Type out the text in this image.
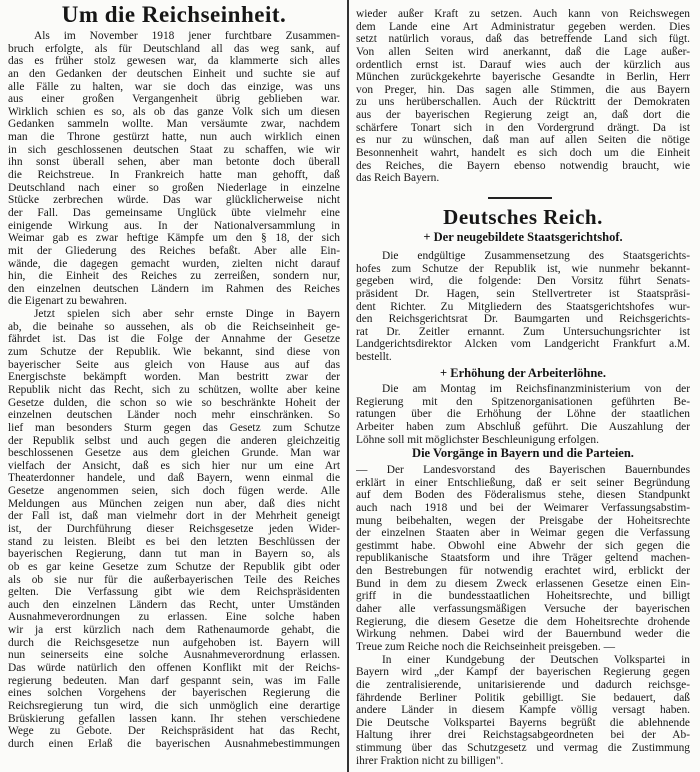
Um die Reichseinheit.
Als im November 1918 jener furchtbare Zusammen-
bruch erfolgte, als für Deutschland all das weg sank, auf
das es früher stolz gewesen war, da klammerte sich alles
an den Gedanken der deutschen Einheit und suchte sie auf
alle Fälle zu halten, war sie doch das einzige, was uns
aus einer großen Vergangenheit übrig geblieben war.
Wirklich schien es so, als ob das ganze Volk sich um diesen
Gedanken sammeln wollte. Man versäumte zwar, nachdem
man die Throne gestürzt hatte, nun auch wirklich einen
in sich geschlossenen deutschen Staat zu schaffen, wie wir
ihn sonst überall sehen, aber man betonte doch überall
die Reichstreue. In Frankreich hatte man gehofft, daß
Deutschland nach einer so großen Niederlage in einzelne
Stücke zerbrechen würde. Das war glücklicherweise nicht
der Fall. Das gemeinsame Unglück übte vielmehr eine
einigende Wirkung aus. In der Nationalversammlung in
Weimar gab es zwar heftige Kämpfe um den § 18, der sich
mit der Gliederung des Reiches befaßt. Aber alle Ein-
wände, die dagegen gemacht wurden, zielten nicht darauf
hin, die Einheit des Reiches zu zerreißen, sondern nur,
den einzelnen deutschen Ländern im Rahmen des Reiches
die Eigenart zu bewahren.
Jetzt spielen sich aber sehr ernste Dinge in Bayern
ab, die beinahe so aussehen, als ob die Reichseinheit ge-
fährdet ist. Das ist die Folge der Annahme der Gesetze
zum Schutze der Republik. Wie bekannt, sind diese von
bayerischer Seite aus gleich von Hause aus auf das
Energischste bekämpft worden. Man bestritt zwar der
Republik nicht das Recht, sich zu schützen, wollte aber keine
Gesetze dulden, die schon so wie so beschränkte Hoheit der
einzelnen deutschen Länder noch mehr einschränken. So
lief man besonders Sturm gegen das Gesetz zum Schutze
der Republik selbst und auch gegen die anderen gleichzeitig
beschlossenen Gesetze aus dem gleichen Grunde. Man war
vielfach der Ansicht, daß es sich hier nur um eine Art
Theaterdonner handele, und daß Bayern, wenn einmal die
Gesetze angenommen seien, sich doch fügen werde. Alle
Meldungen aus München zeigen nun aber, daß dies nicht
der Fall ist, daß man vielmehr dort in der Mehrheit geneigt
ist, der Durchführung dieser Reichsgesetze jeden Wider-
stand zu leisten. Bleibt es bei den letzten Beschlüssen der
bayerischen Regierung, dann tut man in Bayern so, als
ob es gar keine Gesetze zum Schutze der Republik gibt oder
als ob sie nur für die außerbayerischen Teile des Reiches
gelten. Die Verfassung gibt wie dem Reichspräsidenten
auch den einzelnen Ländern das Recht, unter Umständen
Ausnahmeverordnungen zu erlassen. Eine solche haben
wir ja erst kürzlich nach dem Rathenaumorde gehabt, die
durch die Reichsgesetze nun aufgehoben ist. Bayern will
nun seinerseits eine solche Ausnahmeverordnung erlassen.
Das würde natürlich den offenen Konflikt mit der Reichs-
regierung bedeuten. Man darf gespannt sein, was im Falle
eines solchen Vorgehens der bayerischen Regierung die
Reichsregierung tun wird, die sich unmöglich eine derartige
Brüskierung gefallen lassen kann. Ihr stehen verschiedene
Wege zu Gebote. Der Reichspräsident hat das Recht,
durch einen Erlaß die bayerischen Ausnahmebestimmungen
wieder außer Kraft zu setzen. Auch kann von Reichswegen
dem Lande eine Art Administratur gegeben werden. Dies
setzt natürlich voraus, daß das betreffende Land sich fügt.
Von allen Seiten wird anerkannt, daß die Lage außer-
ordentlich ernst ist. Darauf wies auch der kürzlich aus
München zurückgekehrte bayerische Gesandte in Berlin, Herr
von Preger, hin. Das sagen alle Stimmen, die aus Bayern
zu uns herüberschallen. Auch der Rücktritt der Demokraten
aus der bayerischen Regierung zeigt an, daß dort die
schärfere Tonart sich in den Vordergrund drängt. Da ist
es nur zu wünschen, daß man auf allen Seiten die nötige
Besonnenheit wahrt, handelt es sich doch um die Einheit
des Reiches, die Bayern ebenso notwendig braucht, wie
das Reich Bayern.
Deutsches Reich.
+ Der neugebildete Staatsgerichtshof.
Die endgültige Zusammensetzung des Staatsgerichts-
hofes zum Schutze der Republik ist, wie nunmehr bekannt-
gegeben wird, die folgende: Den Vorsitz führt Senats-
präsident Dr. Hagen, sein Stellvertreter ist Staatspräsi-
dent Richter. Zu Mitgliedern des Staatsgerichtshofes wur-
den Reichsgerichtsrat Dr. Baumgarten und Reichsgerichts-
rat Dr. Zeitler ernannt. Zum Untersuchungsrichter ist
Landgerichtsdirektor Alcken vom Landgericht Frankfurt a.M.
bestellt.
+ Erhöhung der Arbeiterlöhne.
Die am Montag im Reichsfinanzministerium von der
Regierung mit den Spitzenorganisationen geführten Be-
ratungen über die Erhöhung der Löhne der staatlichen
Arbeiter haben zum Abschluß geführt. Die Auszahlung der
Löhne soll mit möglichster Beschleunigung erfolgen.
Die Vorgänge in Bayern und die Parteien.
— Der Landesvorstand des Bayerischen Bauernbundes
erklärt in einer Entschließung, daß er seit seiner Begründung
auf dem Boden des Föderalismus stehe, diesen Standpunkt
auch nach 1918 und bei der Weimarer Verfassungsabstim-
mung beibehalten, wegen der Preisgabe der Hoheitsrechte
der einzelnen Staaten aber in Weimar gegen die Verfassung
gestimmt habe. Obwohl eine Abwehr der sich gegen die
republikanische Staatsform und ihre Träger geltend machen-
den Bestrebungen für notwendig erachtet wird, erblickt der
Bund in dem zu diesem Zweck erlassenen Gesetze einen Ein-
griff in die bundesstaatlichen Hoheitsrechte, und billigt
daher alle verfassungsmäßigen Versuche der bayerischen
Regierung, die diesem Gesetze die dem Hoheitsrechte drohende
Wirkung nehmen. Dabei wird der Bauernbund weder die
Treue zum Reiche noch die Reichseinheit preisgeben. —
In einer Kundgebung der Deutschen Volkspartei in
Bayern wird „der Kampf der bayerischen Regierung gegen
die zentralisierende, unitarisierende und dadurch reichsge-
fährdende Berliner Politik gebilligt. Sie bedauert, daß
andere Länder in diesem Kampfe völlig versagt haben.
Die Deutsche Volkspartei Bayerns begrüßt die ablehnende
Haltung ihrer drei Reichstagsabgeordneten bei der Ab-
stimmung über das Schutzgesetz und vermag die Zustimmung
ihrer Fraktion nicht zu billigen".
